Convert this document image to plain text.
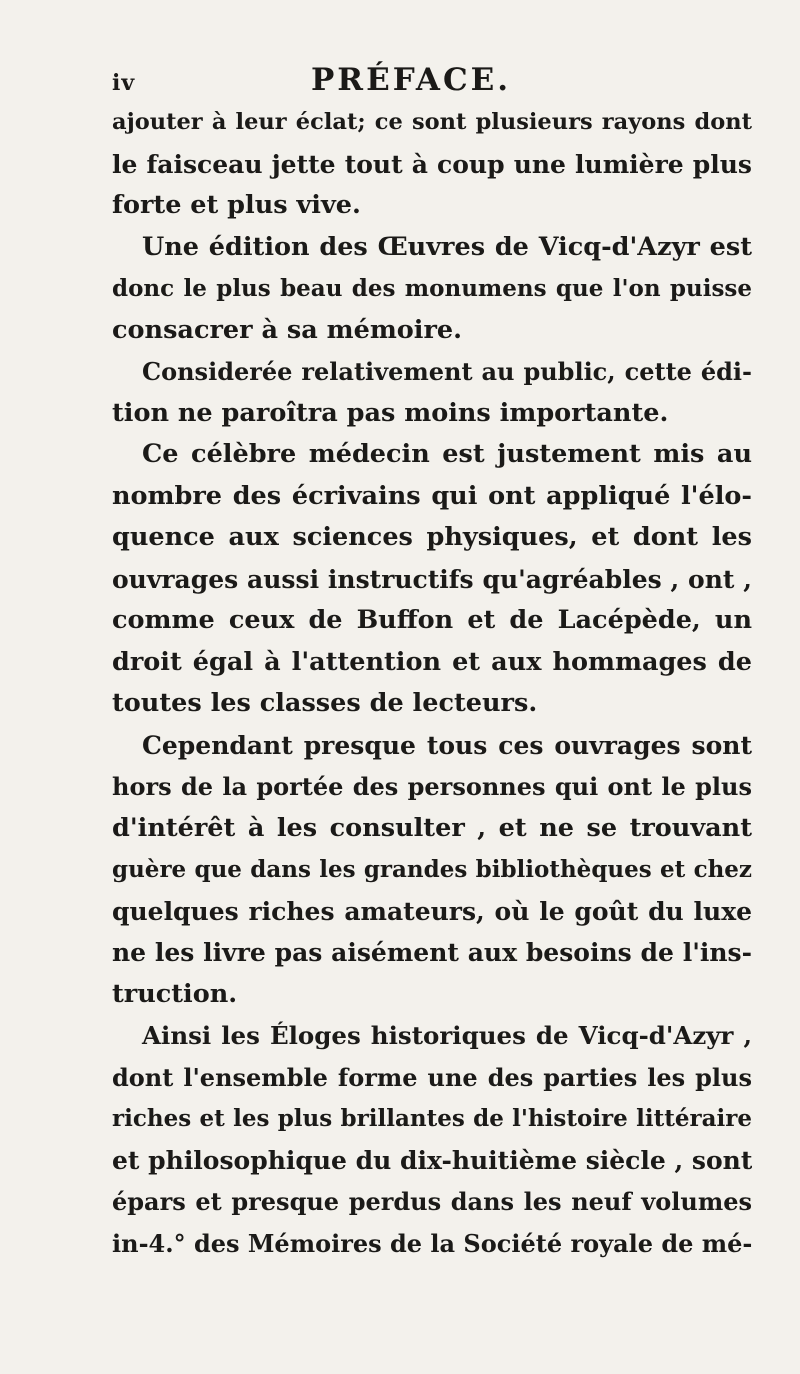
iv	PRÉFACE.
ajouter à leur éclat; ce sont plusieurs rayons dont
le faisceau jette tout à coup une lumière plus
forte et plus vive.
Une édition des Œuvres de Vicq-d'Azyr est
donc le plus beau des monumens que l'on puisse
consacrer à sa mémoire.
Considerée relativement au public, cette édi-
tion ne paroîtra pas moins importante.
Ce célèbre médecin est justement mis au
nombre des écrivains qui ont appliqué l'élo-
quence aux sciences physiques, et dont les
ouvrages aussi instructifs qu'agréables , ont ,
comme ceux de Buffon et de Lacépède, un
droit égal à l'attention et aux hommages de
toutes les classes de lecteurs.
Cependant presque tous ces ouvrages sont
hors de la portée des personnes qui ont le plus
d'intérêt à les consulter , et ne se trouvant
guère que dans les grandes bibliothèques et chez
quelques riches amateurs, où le goût du luxe
ne les livre pas aisément aux besoins de l'ins-
truction.
Ainsi les Éloges historiques de Vicq-d'Azyr ,
dont l'ensemble forme une des parties les plus
riches et les plus brillantes de l'histoire littéraire
et philosophique du dix-huitième siècle , sont
épars et presque perdus dans les neuf volumes
in-4.° des Mémoires de la Société royale de mé-
